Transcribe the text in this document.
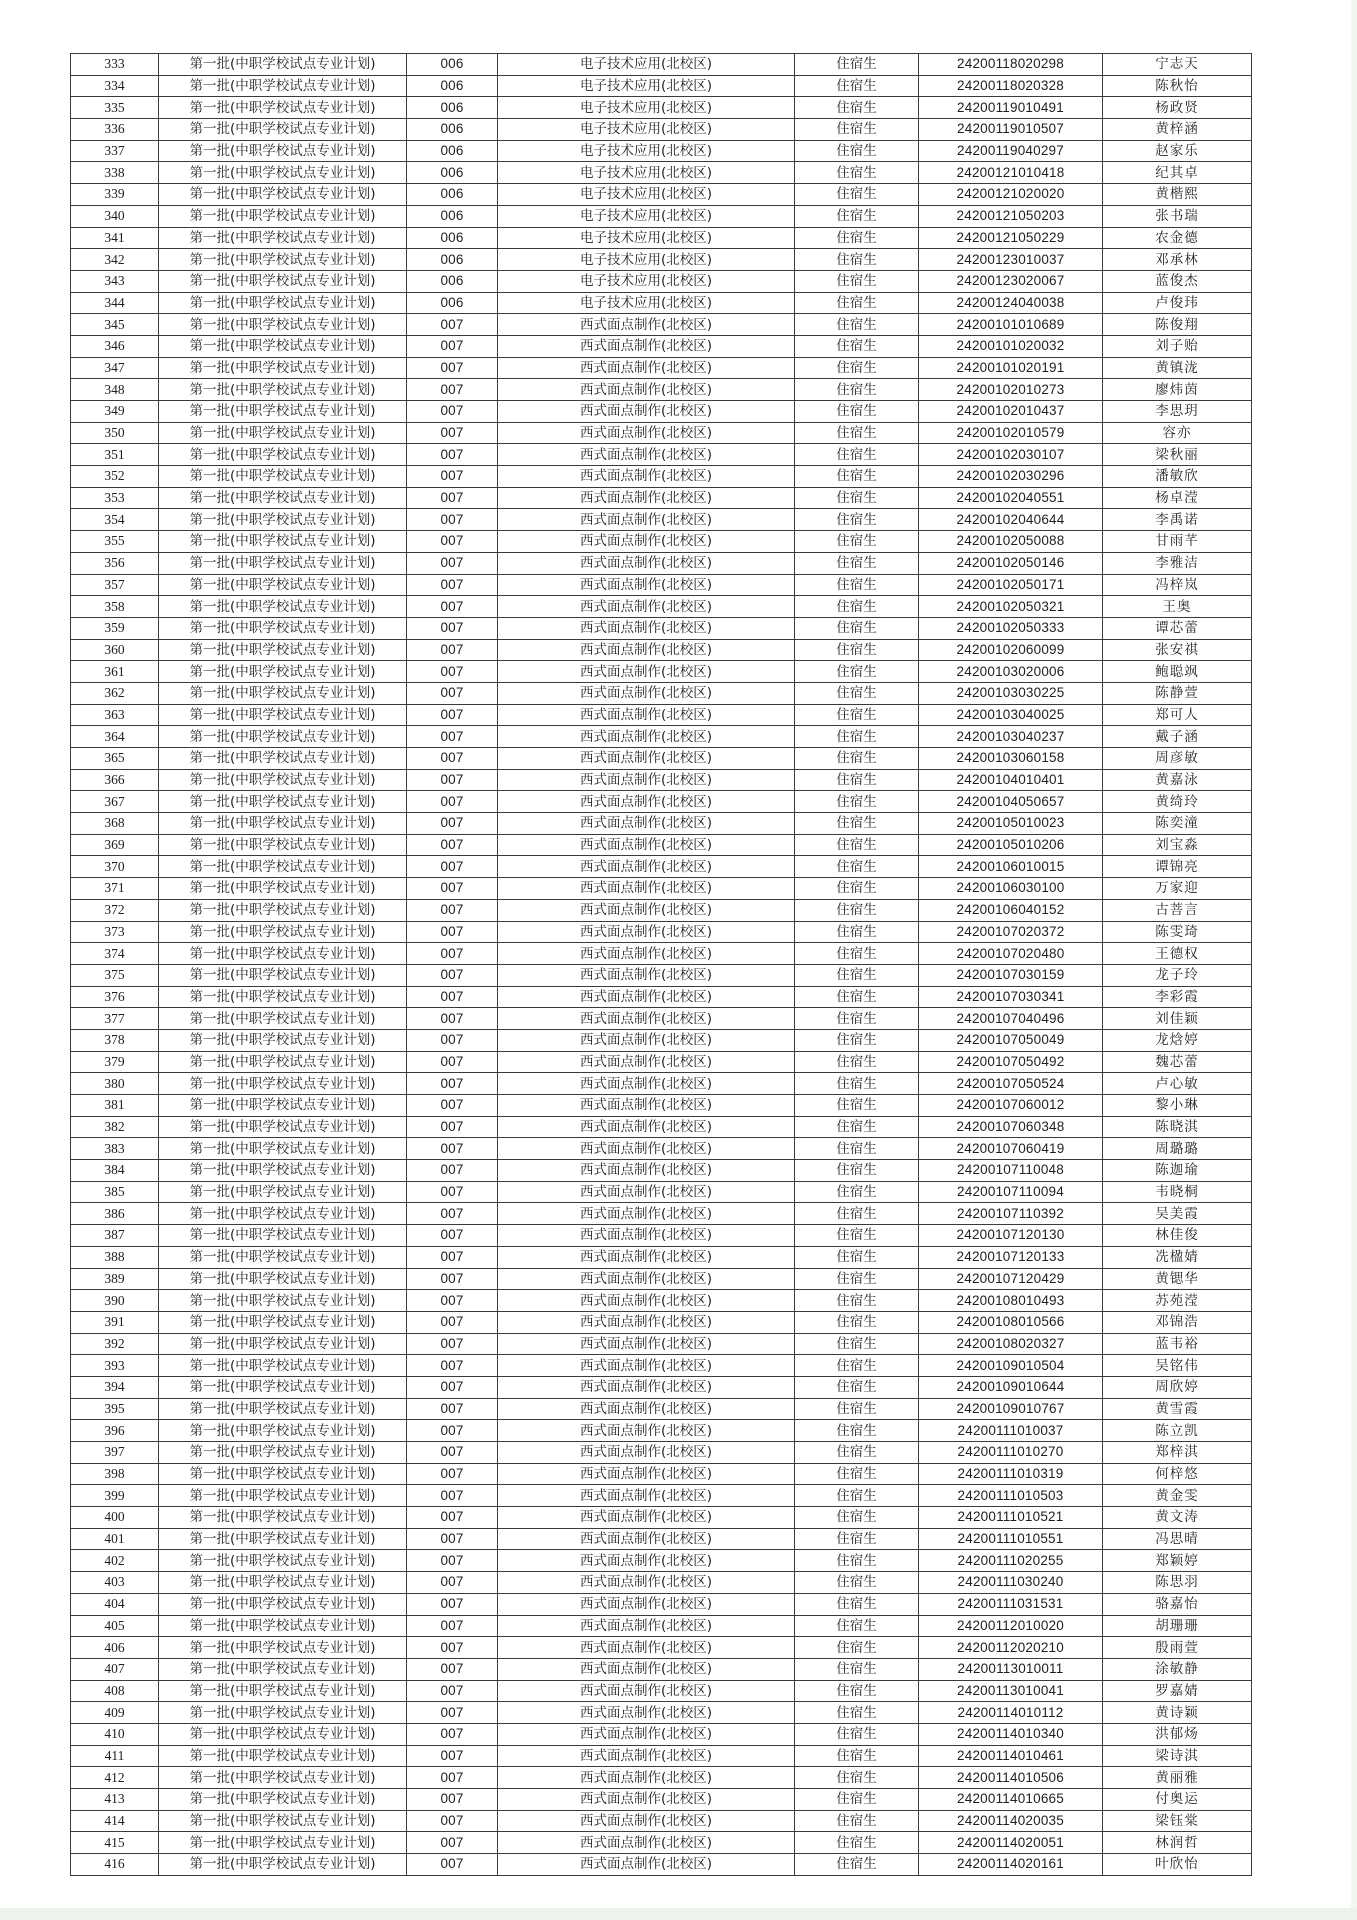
333	第一批(中职学校试点专业计划)	006	电子技术应用(北校区)	住宿生	24200118020298	宁志天
334	第一批(中职学校试点专业计划)	006	电子技术应用(北校区)	住宿生	24200118020328	陈秋怡
335	第一批(中职学校试点专业计划)	006	电子技术应用(北校区)	住宿生	24200119010491	杨政贤
336	第一批(中职学校试点专业计划)	006	电子技术应用(北校区)	住宿生	24200119010507	黄梓涵
337	第一批(中职学校试点专业计划)	006	电子技术应用(北校区)	住宿生	24200119040297	赵家乐
338	第一批(中职学校试点专业计划)	006	电子技术应用(北校区)	住宿生	24200121010418	纪其卓
339	第一批(中职学校试点专业计划)	006	电子技术应用(北校区)	住宿生	24200121020020	黄楷熙
340	第一批(中职学校试点专业计划)	006	电子技术应用(北校区)	住宿生	24200121050203	张书瑞
341	第一批(中职学校试点专业计划)	006	电子技术应用(北校区)	住宿生	24200121050229	农金德
342	第一批(中职学校试点专业计划)	006	电子技术应用(北校区)	住宿生	24200123010037	邓承林
343	第一批(中职学校试点专业计划)	006	电子技术应用(北校区)	住宿生	24200123020067	蓝俊杰
344	第一批(中职学校试点专业计划)	006	电子技术应用(北校区)	住宿生	24200124040038	卢俊玮
345	第一批(中职学校试点专业计划)	007	西式面点制作(北校区)	住宿生	24200101010689	陈俊翔
346	第一批(中职学校试点专业计划)	007	西式面点制作(北校区)	住宿生	24200101020032	刘子贻
347	第一批(中职学校试点专业计划)	007	西式面点制作(北校区)	住宿生	24200101020191	黄镇泷
348	第一批(中职学校试点专业计划)	007	西式面点制作(北校区)	住宿生	24200102010273	廖炜茵
349	第一批(中职学校试点专业计划)	007	西式面点制作(北校区)	住宿生	24200102010437	李思玥
350	第一批(中职学校试点专业计划)	007	西式面点制作(北校区)	住宿生	24200102010579	容亦
351	第一批(中职学校试点专业计划)	007	西式面点制作(北校区)	住宿生	24200102030107	梁秋丽
352	第一批(中职学校试点专业计划)	007	西式面点制作(北校区)	住宿生	24200102030296	潘敏欣
353	第一批(中职学校试点专业计划)	007	西式面点制作(北校区)	住宿生	24200102040551	杨卓滢
354	第一批(中职学校试点专业计划)	007	西式面点制作(北校区)	住宿生	24200102040644	李禹诺
355	第一批(中职学校试点专业计划)	007	西式面点制作(北校区)	住宿生	24200102050088	甘雨芊
356	第一批(中职学校试点专业计划)	007	西式面点制作(北校区)	住宿生	24200102050146	李雅洁
357	第一批(中职学校试点专业计划)	007	西式面点制作(北校区)	住宿生	24200102050171	冯梓岚
358	第一批(中职学校试点专业计划)	007	西式面点制作(北校区)	住宿生	24200102050321	王奥
359	第一批(中职学校试点专业计划)	007	西式面点制作(北校区)	住宿生	24200102050333	谭芯蕾
360	第一批(中职学校试点专业计划)	007	西式面点制作(北校区)	住宿生	24200102060099	张安祺
361	第一批(中职学校试点专业计划)	007	西式面点制作(北校区)	住宿生	24200103020006	鲍聪飒
362	第一批(中职学校试点专业计划)	007	西式面点制作(北校区)	住宿生	24200103030225	陈静萱
363	第一批(中职学校试点专业计划)	007	西式面点制作(北校区)	住宿生	24200103040025	郑可人
364	第一批(中职学校试点专业计划)	007	西式面点制作(北校区)	住宿生	24200103040237	戴子涵
365	第一批(中职学校试点专业计划)	007	西式面点制作(北校区)	住宿生	24200103060158	周彦敏
366	第一批(中职学校试点专业计划)	007	西式面点制作(北校区)	住宿生	24200104010401	黄嘉泳
367	第一批(中职学校试点专业计划)	007	西式面点制作(北校区)	住宿生	24200104050657	黄绮玲
368	第一批(中职学校试点专业计划)	007	西式面点制作(北校区)	住宿生	24200105010023	陈奕潼
369	第一批(中职学校试点专业计划)	007	西式面点制作(北校区)	住宿生	24200105010206	刘宝淼
370	第一批(中职学校试点专业计划)	007	西式面点制作(北校区)	住宿生	24200106010015	谭锦亮
371	第一批(中职学校试点专业计划)	007	西式面点制作(北校区)	住宿生	24200106030100	万家迎
372	第一批(中职学校试点专业计划)	007	西式面点制作(北校区)	住宿生	24200106040152	古菩言
373	第一批(中职学校试点专业计划)	007	西式面点制作(北校区)	住宿生	24200107020372	陈雯琦
374	第一批(中职学校试点专业计划)	007	西式面点制作(北校区)	住宿生	24200107020480	王德权
375	第一批(中职学校试点专业计划)	007	西式面点制作(北校区)	住宿生	24200107030159	龙子玲
376	第一批(中职学校试点专业计划)	007	西式面点制作(北校区)	住宿生	24200107030341	李彩霞
377	第一批(中职学校试点专业计划)	007	西式面点制作(北校区)	住宿生	24200107040496	刘佳颖
378	第一批(中职学校试点专业计划)	007	西式面点制作(北校区)	住宿生	24200107050049	龙焓婷
379	第一批(中职学校试点专业计划)	007	西式面点制作(北校区)	住宿生	24200107050492	魏芯蕾
380	第一批(中职学校试点专业计划)	007	西式面点制作(北校区)	住宿生	24200107050524	卢心敏
381	第一批(中职学校试点专业计划)	007	西式面点制作(北校区)	住宿生	24200107060012	黎小琳
382	第一批(中职学校试点专业计划)	007	西式面点制作(北校区)	住宿生	24200107060348	陈晓淇
383	第一批(中职学校试点专业计划)	007	西式面点制作(北校区)	住宿生	24200107060419	周璐璐
384	第一批(中职学校试点专业计划)	007	西式面点制作(北校区)	住宿生	24200107110048	陈迦瑜
385	第一批(中职学校试点专业计划)	007	西式面点制作(北校区)	住宿生	24200107110094	韦晓桐
386	第一批(中职学校试点专业计划)	007	西式面点制作(北校区)	住宿生	24200107110392	吴美霞
387	第一批(中职学校试点专业计划)	007	西式面点制作(北校区)	住宿生	24200107120130	林佳俊
388	第一批(中职学校试点专业计划)	007	西式面点制作(北校区)	住宿生	24200107120133	冼楹婧
389	第一批(中职学校试点专业计划)	007	西式面点制作(北校区)	住宿生	24200107120429	黄锶华
390	第一批(中职学校试点专业计划)	007	西式面点制作(北校区)	住宿生	24200108010493	苏苑滢
391	第一批(中职学校试点专业计划)	007	西式面点制作(北校区)	住宿生	24200108010566	邓锦浩
392	第一批(中职学校试点专业计划)	007	西式面点制作(北校区)	住宿生	24200108020327	蓝韦裕
393	第一批(中职学校试点专业计划)	007	西式面点制作(北校区)	住宿生	24200109010504	吴铭伟
394	第一批(中职学校试点专业计划)	007	西式面点制作(北校区)	住宿生	24200109010644	周欣婷
395	第一批(中职学校试点专业计划)	007	西式面点制作(北校区)	住宿生	24200109010767	黄雪霞
396	第一批(中职学校试点专业计划)	007	西式面点制作(北校区)	住宿生	24200111010037	陈立凯
397	第一批(中职学校试点专业计划)	007	西式面点制作(北校区)	住宿生	24200111010270	郑梓淇
398	第一批(中职学校试点专业计划)	007	西式面点制作(北校区)	住宿生	24200111010319	何梓悠
399	第一批(中职学校试点专业计划)	007	西式面点制作(北校区)	住宿生	24200111010503	黄金雯
400	第一批(中职学校试点专业计划)	007	西式面点制作(北校区)	住宿生	24200111010521	黄文涛
401	第一批(中职学校试点专业计划)	007	西式面点制作(北校区)	住宿生	24200111010551	冯思晴
402	第一批(中职学校试点专业计划)	007	西式面点制作(北校区)	住宿生	24200111020255	郑颖婷
403	第一批(中职学校试点专业计划)	007	西式面点制作(北校区)	住宿生	24200111030240	陈思羽
404	第一批(中职学校试点专业计划)	007	西式面点制作(北校区)	住宿生	24200111031531	骆嘉怡
405	第一批(中职学校试点专业计划)	007	西式面点制作(北校区)	住宿生	24200112010020	胡珊珊
406	第一批(中职学校试点专业计划)	007	西式面点制作(北校区)	住宿生	24200112020210	殷雨萱
407	第一批(中职学校试点专业计划)	007	西式面点制作(北校区)	住宿生	24200113010011	涂敏静
408	第一批(中职学校试点专业计划)	007	西式面点制作(北校区)	住宿生	24200113010041	罗嘉婧
409	第一批(中职学校试点专业计划)	007	西式面点制作(北校区)	住宿生	24200114010112	黄诗颖
410	第一批(中职学校试点专业计划)	007	西式面点制作(北校区)	住宿生	24200114010340	洪郁炀
411	第一批(中职学校试点专业计划)	007	西式面点制作(北校区)	住宿生	24200114010461	梁诗淇
412	第一批(中职学校试点专业计划)	007	西式面点制作(北校区)	住宿生	24200114010506	黄丽雅
413	第一批(中职学校试点专业计划)	007	西式面点制作(北校区)	住宿生	24200114010665	付奥运
414	第一批(中职学校试点专业计划)	007	西式面点制作(北校区)	住宿生	24200114020035	梁钰棠
415	第一批(中职学校试点专业计划)	007	西式面点制作(北校区)	住宿生	24200114020051	林润哲
416	第一批(中职学校试点专业计划)	007	西式面点制作(北校区)	住宿生	24200114020161	叶欣怡
